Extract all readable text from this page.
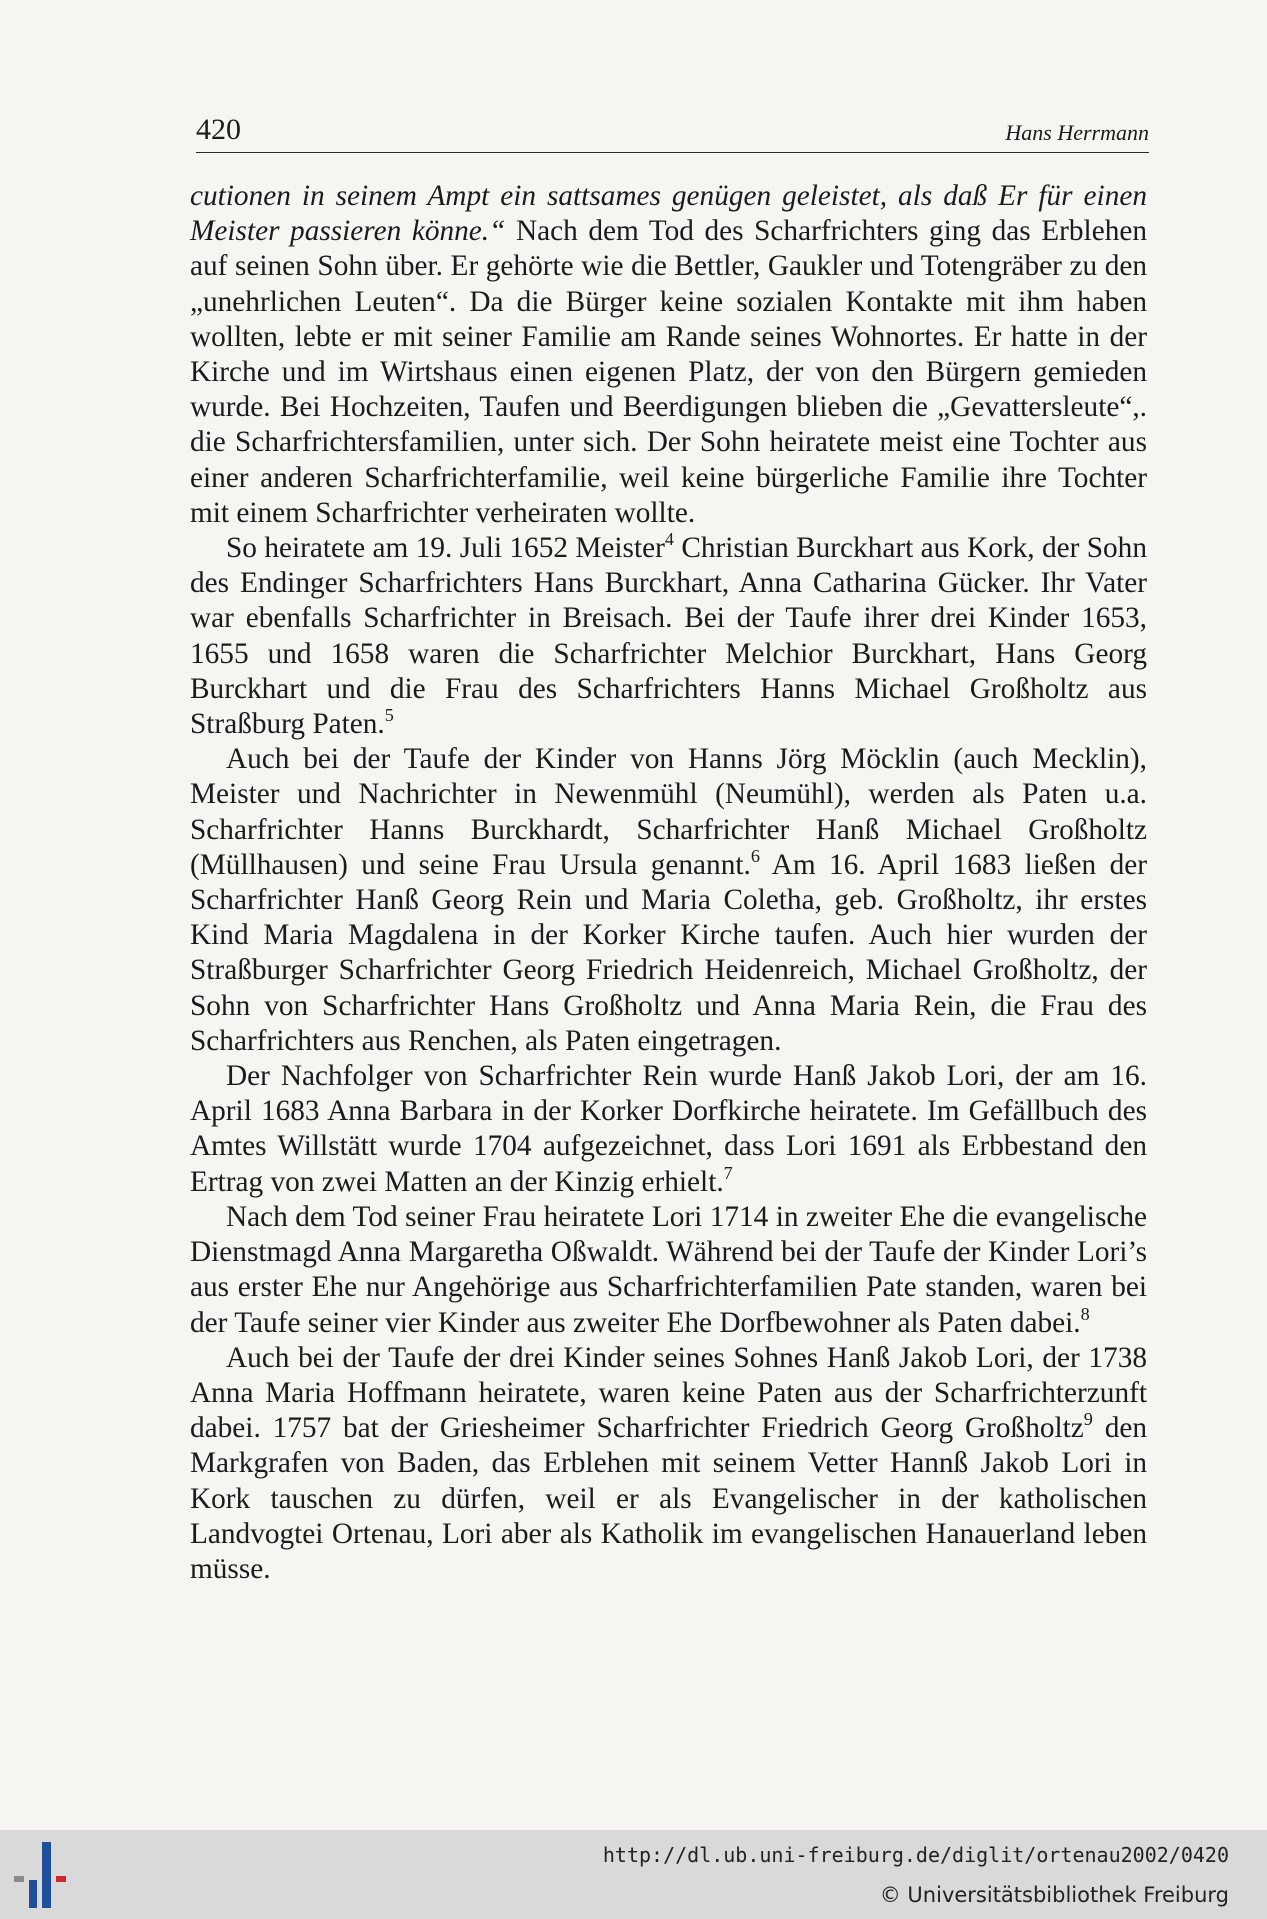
420	Hans Herrmann

cutionen in seinem Ampt ein sattsames genügen geleistet, als daß Er für einen Meister passieren könne.“ Nach dem Tod des Scharfrichters ging das Erblehen auf seinen Sohn über. Er gehörte wie die Bettler, Gaukler und Totengräber zu den „unehrlichen Leuten“. Da die Bürger keine sozialen Kontakte mit ihm haben wollten, lebte er mit seiner Familie am Rande seines Wohnortes. Er hatte in der Kirche und im Wirtshaus einen eigenen Platz, der von den Bürgern gemieden wurde. Bei Hochzeiten, Taufen und Beerdigungen blieben die „Gevattersleute“,. die Scharfrichtersfamilien, unter sich. Der Sohn heiratete meist eine Tochter aus einer anderen Scharfrichterfamilie, weil keine bürgerliche Familie ihre Tochter mit einem Scharfrichter verheiraten wollte.

So heiratete am 19. Juli 1652 Meister$^4$ Christian Burckhart aus Kork, der Sohn des Endinger Scharfrichters Hans Burckhart, Anna Catharina Gücker. Ihr Vater war ebenfalls Scharfrichter in Breisach. Bei der Taufe ihrer drei Kinder 1653, 1655 und 1658 waren die Scharfrichter Melchior Burckhart, Hans Georg Burckhart und die Frau des Scharfrichters Hanns Michael Großholtz aus Straßburg Paten.$^5$

Auch bei der Taufe der Kinder von Hanns Jörg Möcklin (auch Mecklin), Meister und Nachrichter in Newenmühl (Neumühl), werden als Paten u.a. Scharfrichter Hanns Burckhardt, Scharfrichter Hanß Michael Großholtz (Müllhausen) und seine Frau Ursula genannt.$^6$ Am 16. April 1683 ließen der Scharfrichter Hanß Georg Rein und Maria Coletha, geb. Großholtz, ihr erstes Kind Maria Magdalena in der Korker Kirche taufen. Auch hier wurden der Straßburger Scharfrichter Georg Friedrich Heidenreich, Michael Großholtz, der Sohn von Scharfrichter Hans Großholtz und Anna Maria Rein, die Frau des Scharfrichters aus Renchen, als Paten eingetragen.

Der Nachfolger von Scharfrichter Rein wurde Hanß Jakob Lori, der am 16. April 1683 Anna Barbara in der Korker Dorfkirche heiratete. Im Gefällbuch des Amtes Willstätt wurde 1704 aufgezeichnet, dass Lori 1691 als Erbbestand den Ertrag von zwei Matten an der Kinzig erhielt.$^7$

Nach dem Tod seiner Frau heiratete Lori 1714 in zweiter Ehe die evangelische Dienstmagd Anna Margaretha Oßwaldt. Während bei der Taufe der Kinder Lori’s aus erster Ehe nur Angehörige aus Scharfrichterfamilien Pate standen, waren bei der Taufe seiner vier Kinder aus zweiter Ehe Dorfbewohner als Paten dabei.$^8$

Auch bei der Taufe der drei Kinder seines Sohnes Hanß Jakob Lori, der 1738 Anna Maria Hoffmann heiratete, waren keine Paten aus der Scharfrichterzunft dabei. 1757 bat der Griesheimer Scharfrichter Friedrich Georg Großholtz$^9$ den Markgrafen von Baden, das Erblehen mit seinem Vetter Hannß Jakob Lori in Kork tauschen zu dürfen, weil er als Evangelischer in der katholischen Landvogtei Ortenau, Lori aber als Katholik im evangelischen Hanauerland leben müsse.

http://dl.ub.uni-freiburg.de/diglit/ortenau2002/0420
© Universitätsbibliothek Freiburg
